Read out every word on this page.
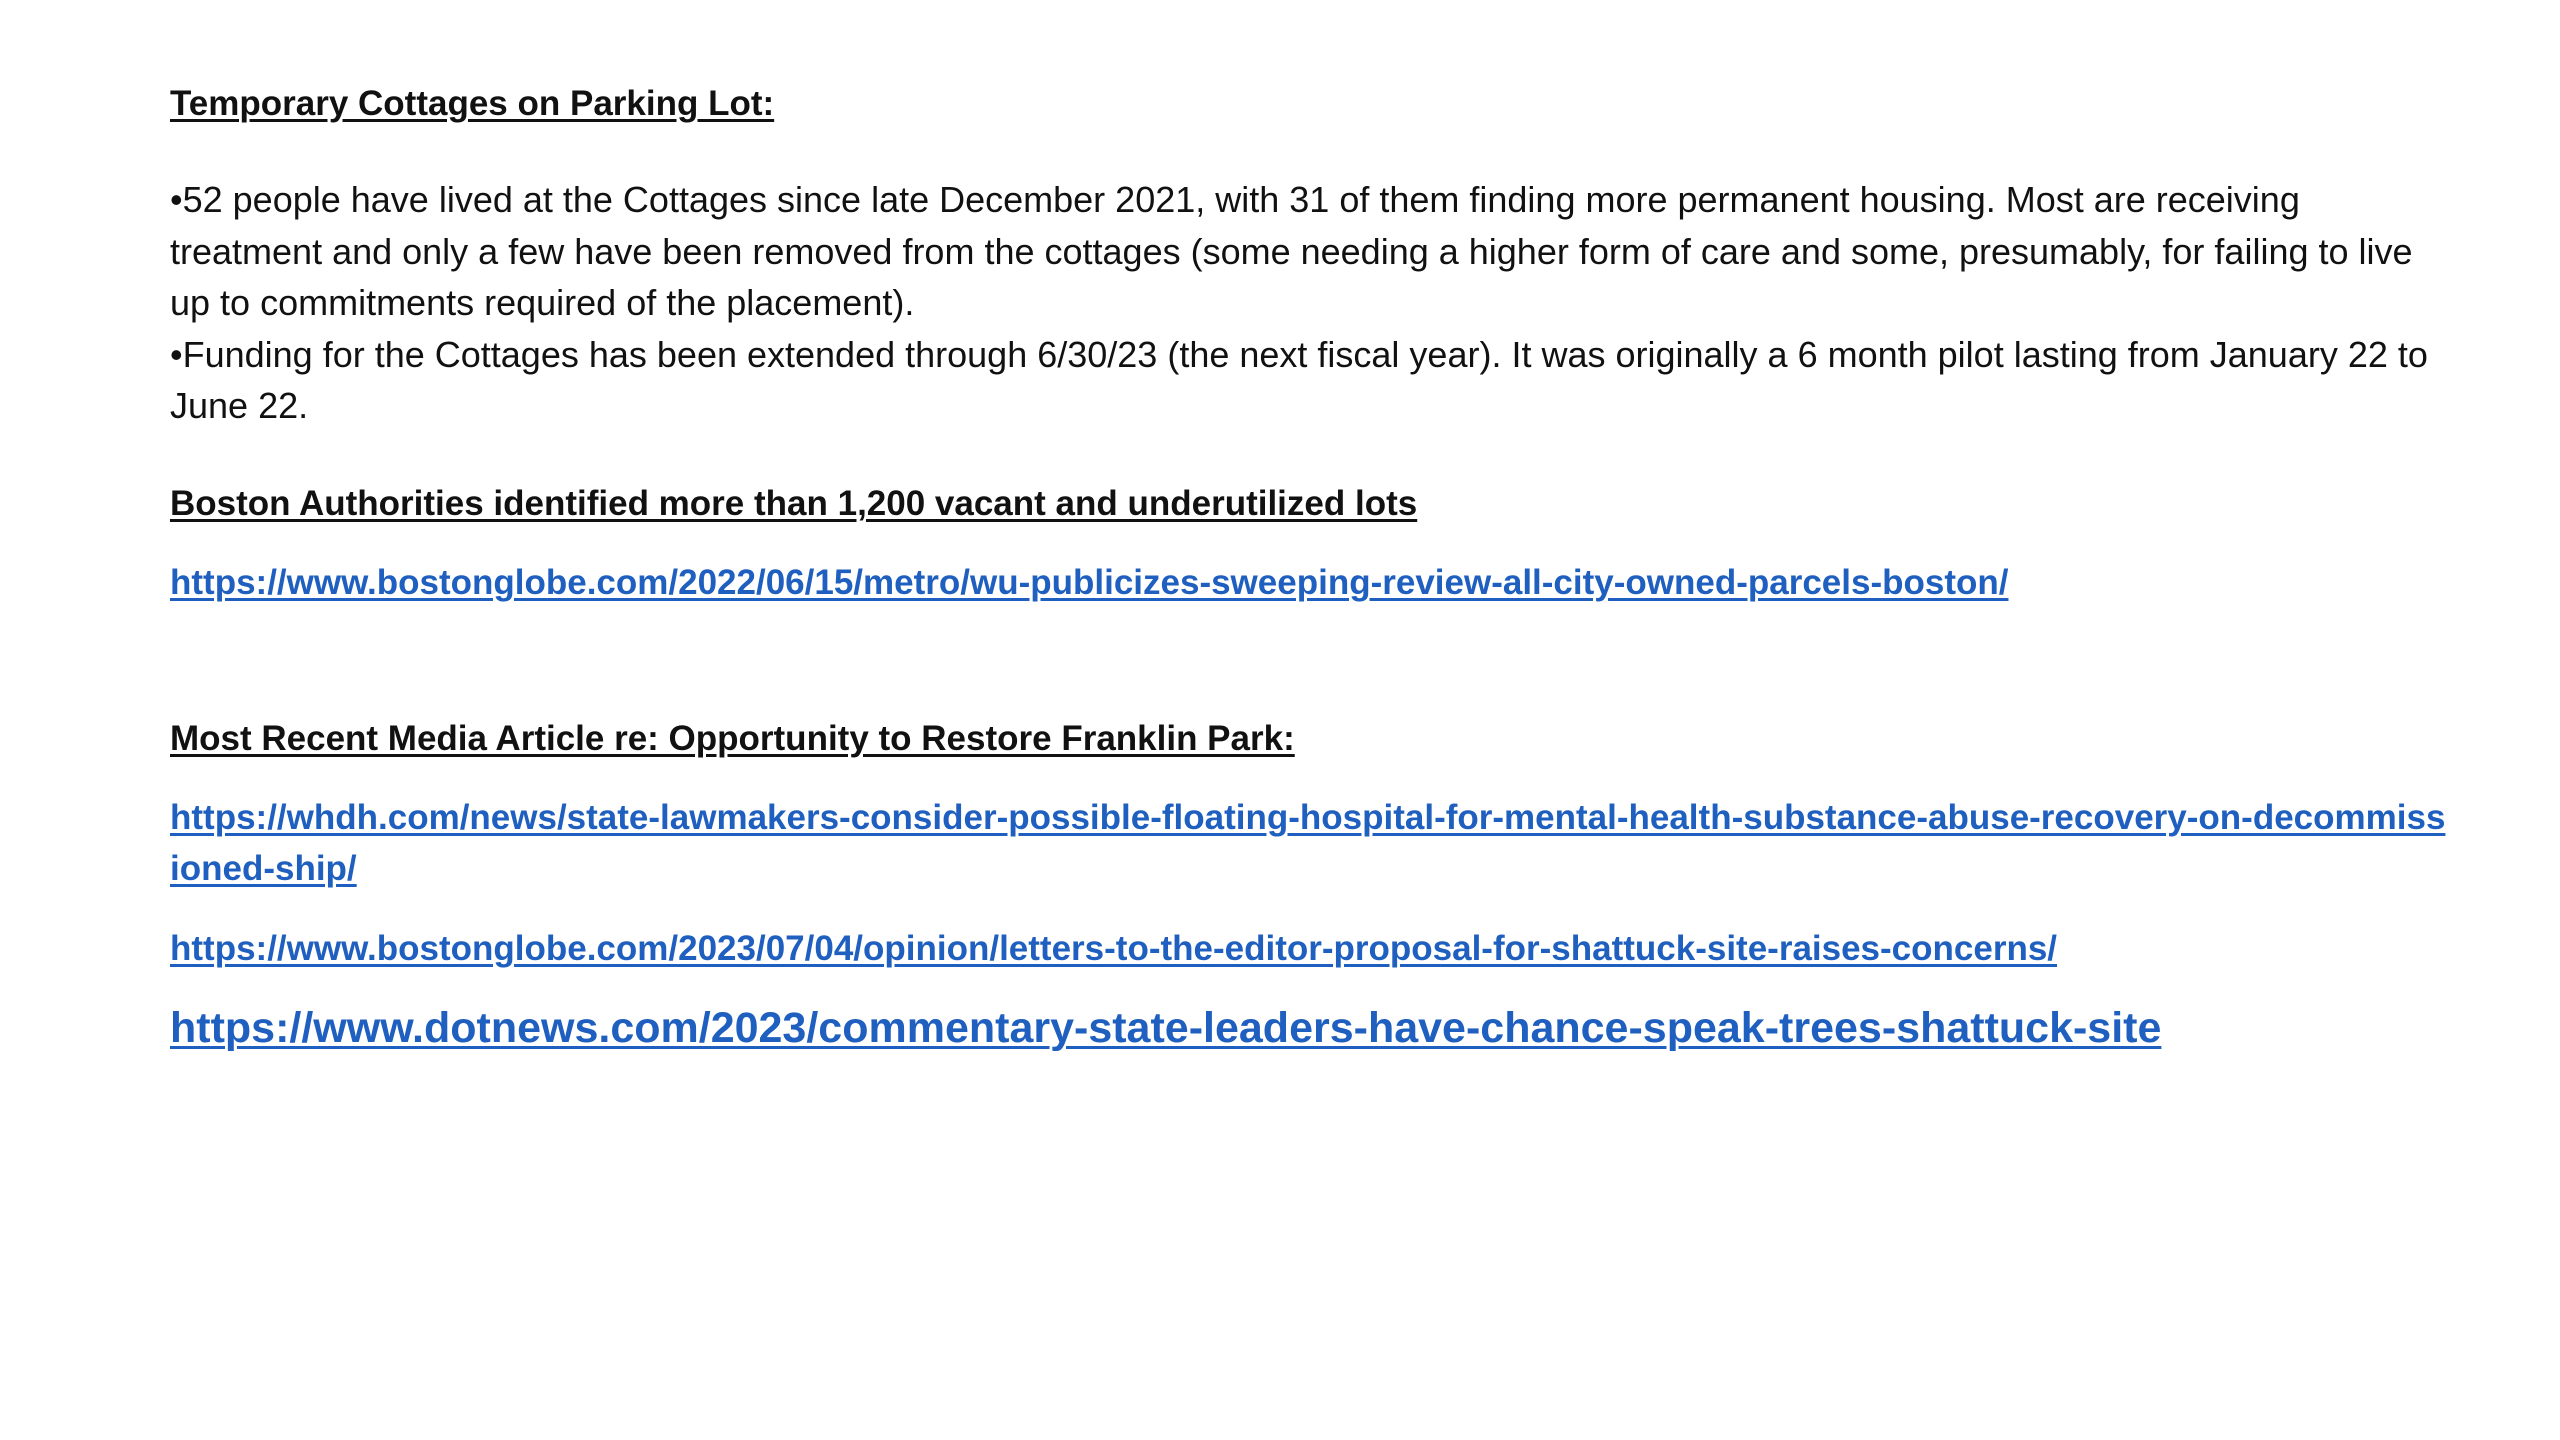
Temporary Cottages on Parking Lot:

•52 people have lived at the Cottages since late December 2021, with 31 of them finding more permanent housing. Most are receiving treatment and only a few have been removed from the cottages (some needing a higher form of care and some, presumably, for failing to live up to commitments required of the placement).

•Funding for the Cottages has been extended through 6/30/23 (the next fiscal year). It was originally a 6 month pilot lasting from January 22 to June 22.

Boston Authorities identified more than 1,200 vacant and underutilized lots
https://www.bostonglobe.com/2022/06/15/metro/wu-publicizes-sweeping-review-all-city-owned-parcels-boston/
Most Recent Media Article re: Opportunity to Restore Franklin Park:
https://whdh.com/news/state-lawmakers-consider-possible-floating-hospital-for-mental-health-substance-abuse-recovery-on-decommissioned-ship/
https://www.bostonglobe.com/2023/07/04/opinion/letters-to-the-editor-proposal-for-shattuck-site-raises-concerns/
https://www.dotnews.com/2023/commentary-state-leaders-have-chance-speak-trees-shattuck-site
